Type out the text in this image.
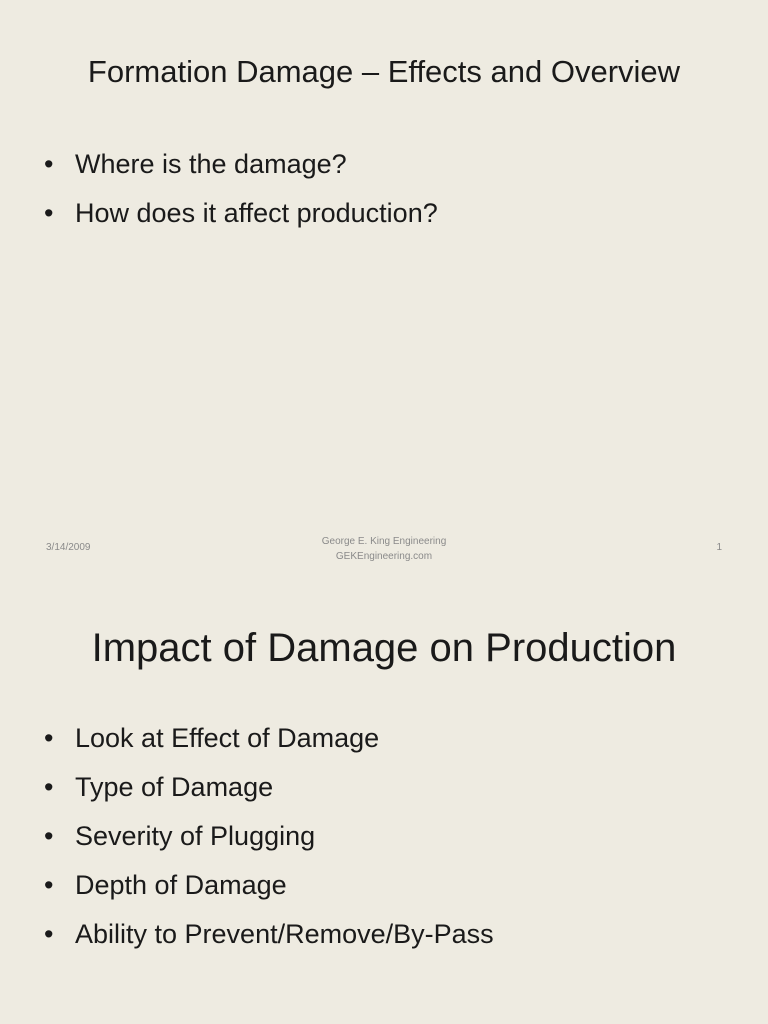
Formation Damage – Effects and Overview
• Where is the damage?
• How does it affect production?
3/14/2009
George E. King Engineering
GEKEngineering.com
1
Impact of Damage on Production
• Look at Effect of Damage
• Type of Damage
• Severity of Plugging
• Depth of Damage
• Ability to Prevent/Remove/By-Pass
